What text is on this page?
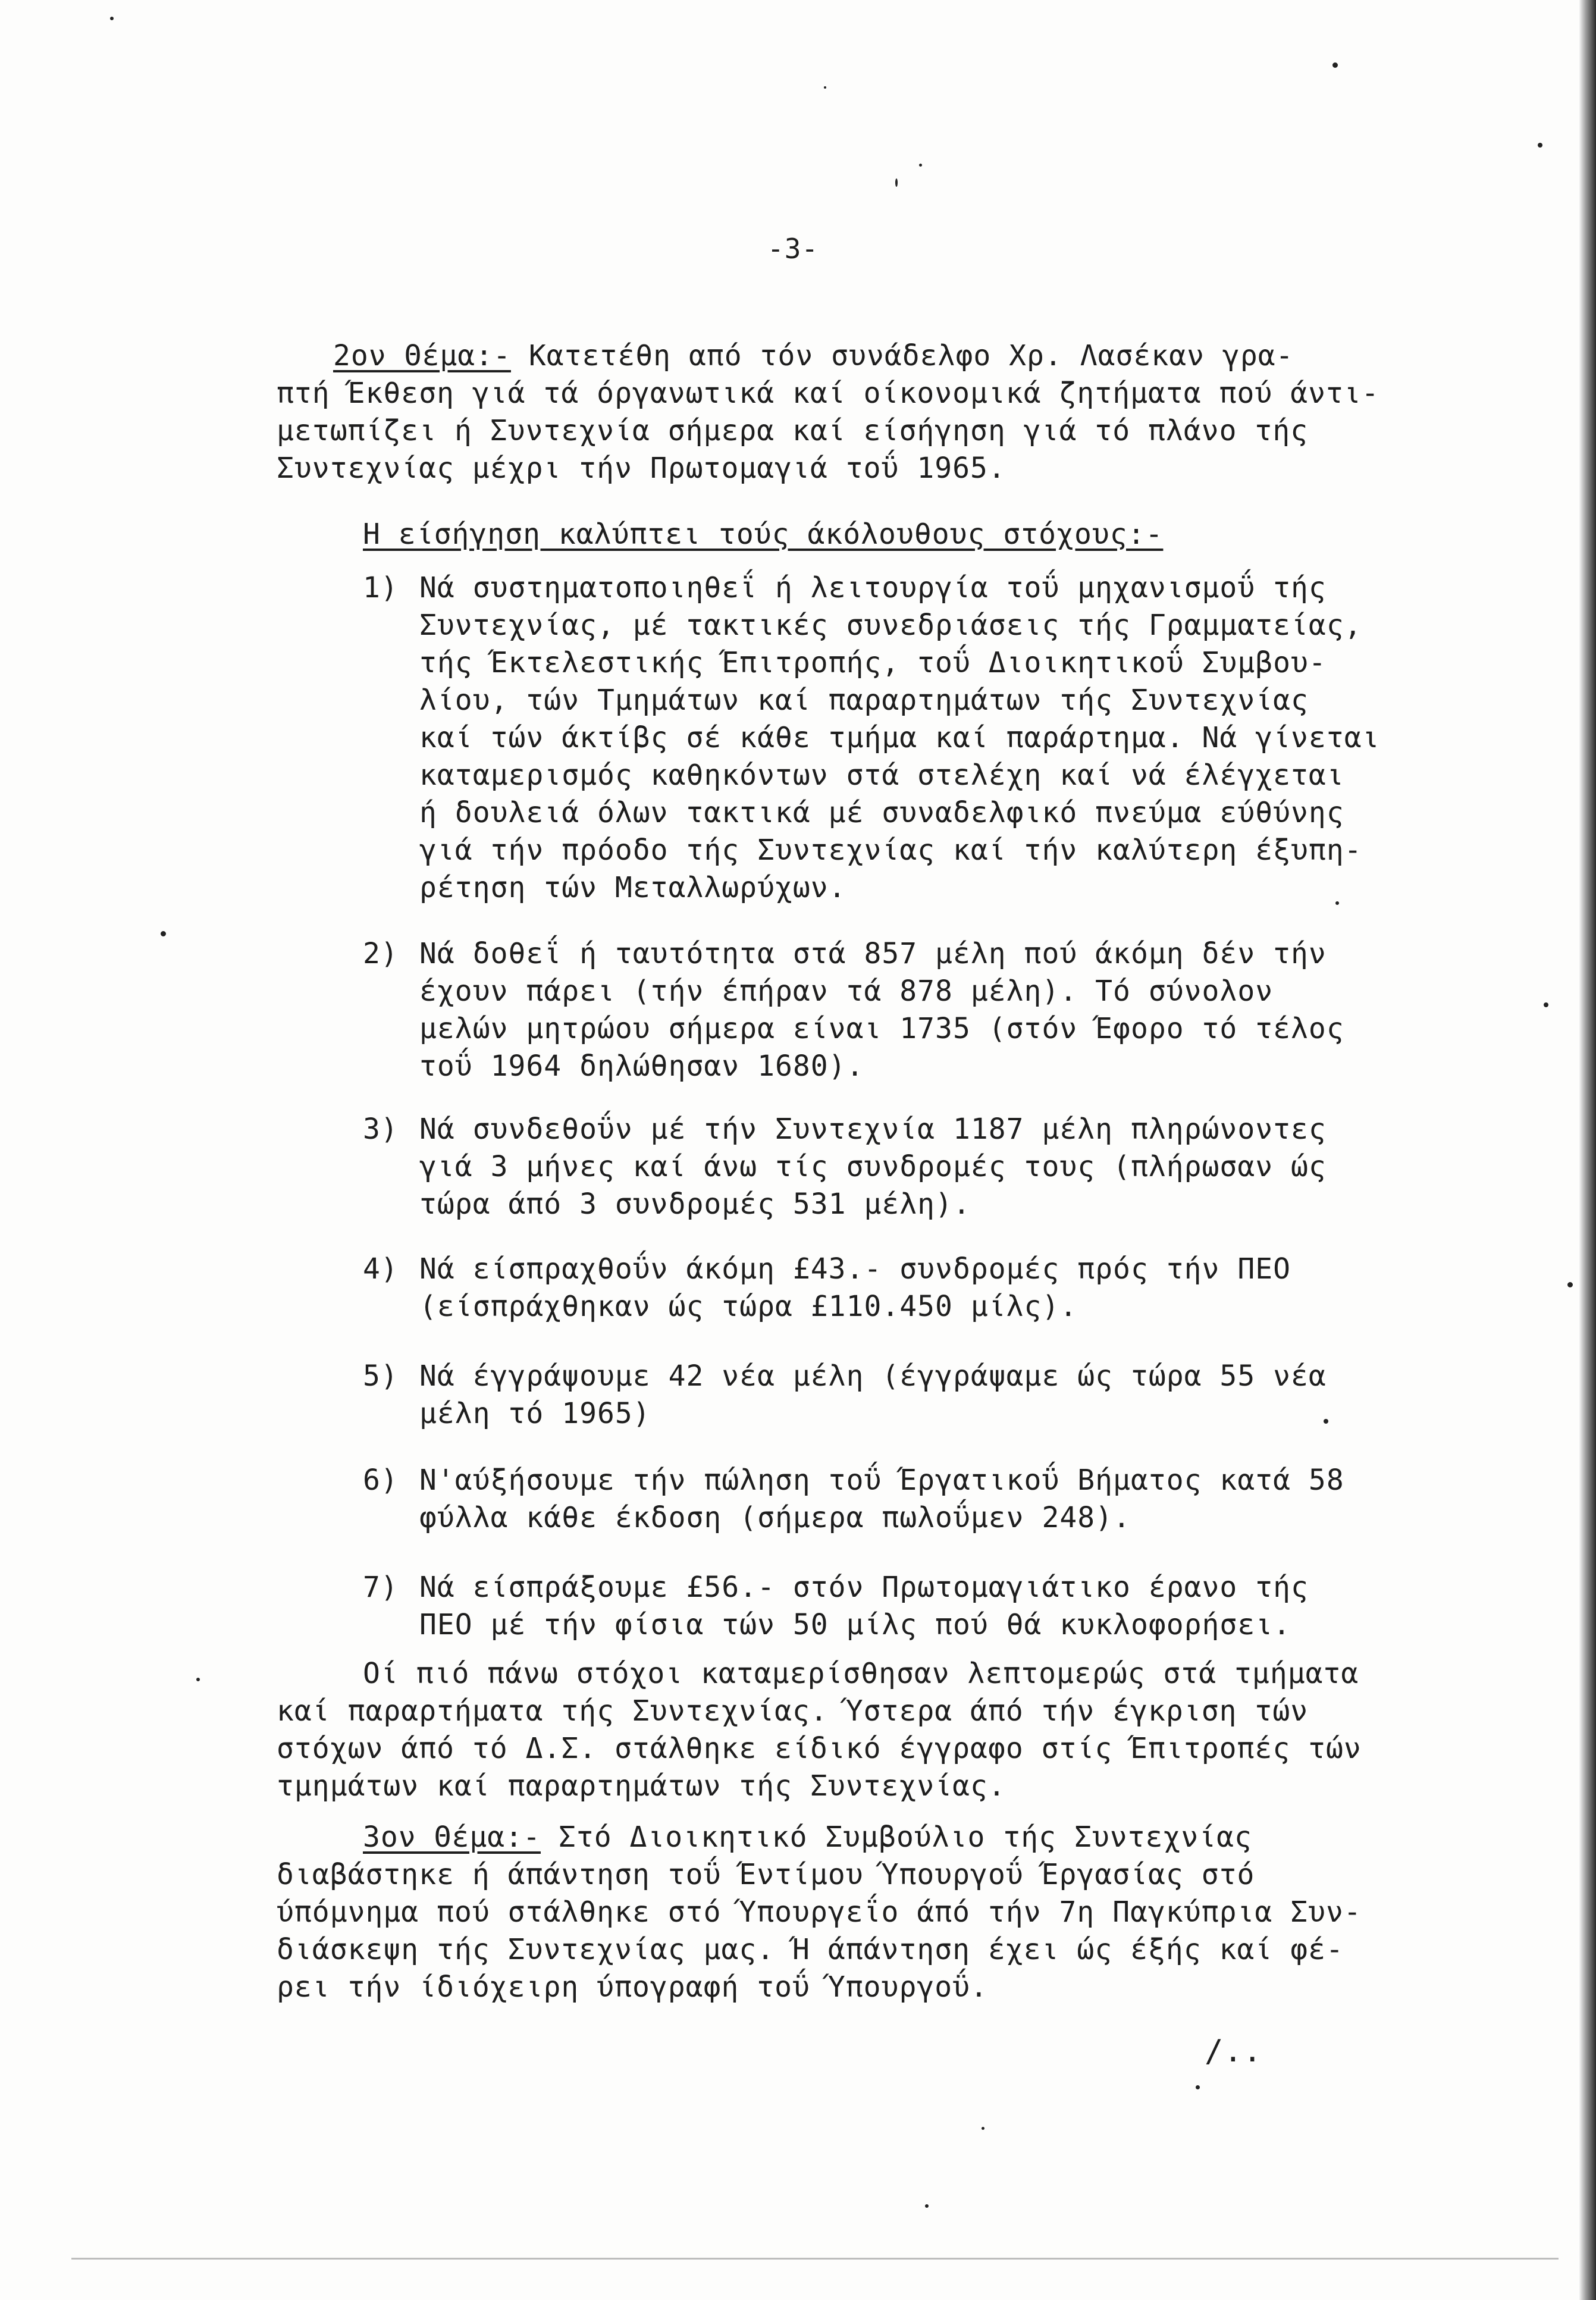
-3-
2ον Θέμα:- Κατετέθη από τόν συνάδελφο Χρ. Λασέκαν γρα-
πτή Έκθεση γιά τά όργανωτικά καί οίκονομικά ζητήματα πού άντι-
μετωπίζει ή Συντεχνία σήμερα καί είσήγηση γιά τό πλάνο τής
Συντεχνίας μέχρι τήν Πρωτομαγιά τοΰ 1965.
Η είσήγηση καλύπτει τούς άκόλουθους στόχους:-
1) Νά συστηματοποιηθεΐ ή λειτουργία τοΰ μηχανισμοΰ τής
Συντεχνίας, μέ τακτικές συνεδριάσεις τής Γραμματείας,
τής Έκτελεστικής Έπιτροπής, τοΰ Διοικητικοΰ Συμβου-
λίου, τών Τμημάτων καί παραρτημάτων τής Συντεχνίας
καί τών άκτίβς σέ κάθε τμήμα καί παράρτημα. Νά γίνεται
καταμερισμός καθηκόντων στά στελέχη καί νά έλέγχεται
ή δουλειά όλων τακτικά μέ συναδελφικό πνεύμα εύθύνης
γιά τήν πρόοδο τής Συντεχνίας καί τήν καλύτερη έξυπη-
ρέτηση τών Μεταλλωρύχων.
2) Νά δοθεΐ ή ταυτότητα στά 857 μέλη πού άκόμη δέν τήν
έχουν πάρει (τήν έπήραν τά 878 μέλη). Τό σύνολον
μελών μητρώου σήμερα είναι 1735 (στόν Έφορο τό τέλος
τοΰ 1964 δηλώθησαν 1680).
3) Νά συνδεθοΰν μέ τήν Συντεχνία 1187 μέλη πληρώνοντες
γιά 3 μήνες καί άνω τίς συνδρομές τους (πλήρωσαν ώς
τώρα άπό 3 συνδρομές 531 μέλη).
4) Νά είσπραχθοΰν άκόμη £43.- συνδρομές πρός τήν ΠΕΟ
(είσπράχθηκαν ώς τώρα £110.450 μίλς).
5) Νά έγγράψουμε 42 νέα μέλη (έγγράψαμε ώς τώρα 55 νέα
μέλη τό 1965)
6) Ν'αύξήσουμε τήν πώληση τοΰ Έργατικοΰ Βήματος κατά 58
φύλλα κάθε έκδοση (σήμερα πωλοΰμεν 248).
7) Νά είσπράξουμε £56.- στόν Πρωτομαγιάτικο έρανο τής
ΠΕΟ μέ τήν φίσια τών 50 μίλς πού θά κυκλοφορήσει.
Οί πιό πάνω στόχοι καταμερίσθησαν λεπτομερώς στά τμήματα
καί παραρτήματα τής Συντεχνίας. Ύστερα άπό τήν έγκριση τών
στόχων άπό τό Δ.Σ. στάλθηκε είδικό έγγραφο στίς Έπιτροπές τών
τμημάτων καί παραρτημάτων τής Συντεχνίας.
3ον Θέμα:- Στό Διοικητικό Συμβούλιο τής Συντεχνίας
διαβάστηκε ή άπάντηση τοΰ Έντίμου Ύπουργοΰ Έργασίας στό
ύπόμνημα πού στάλθηκε στό Ύπουργεΐο άπό τήν 7η Παγκύπρια Συν-
διάσκεψη τής Συντεχνίας μας. Ή άπάντηση έχει ώς έξής καί φέ-
ρει τήν ίδιόχειρη ύπογραφή τοΰ Ύπουργοΰ.
/..
